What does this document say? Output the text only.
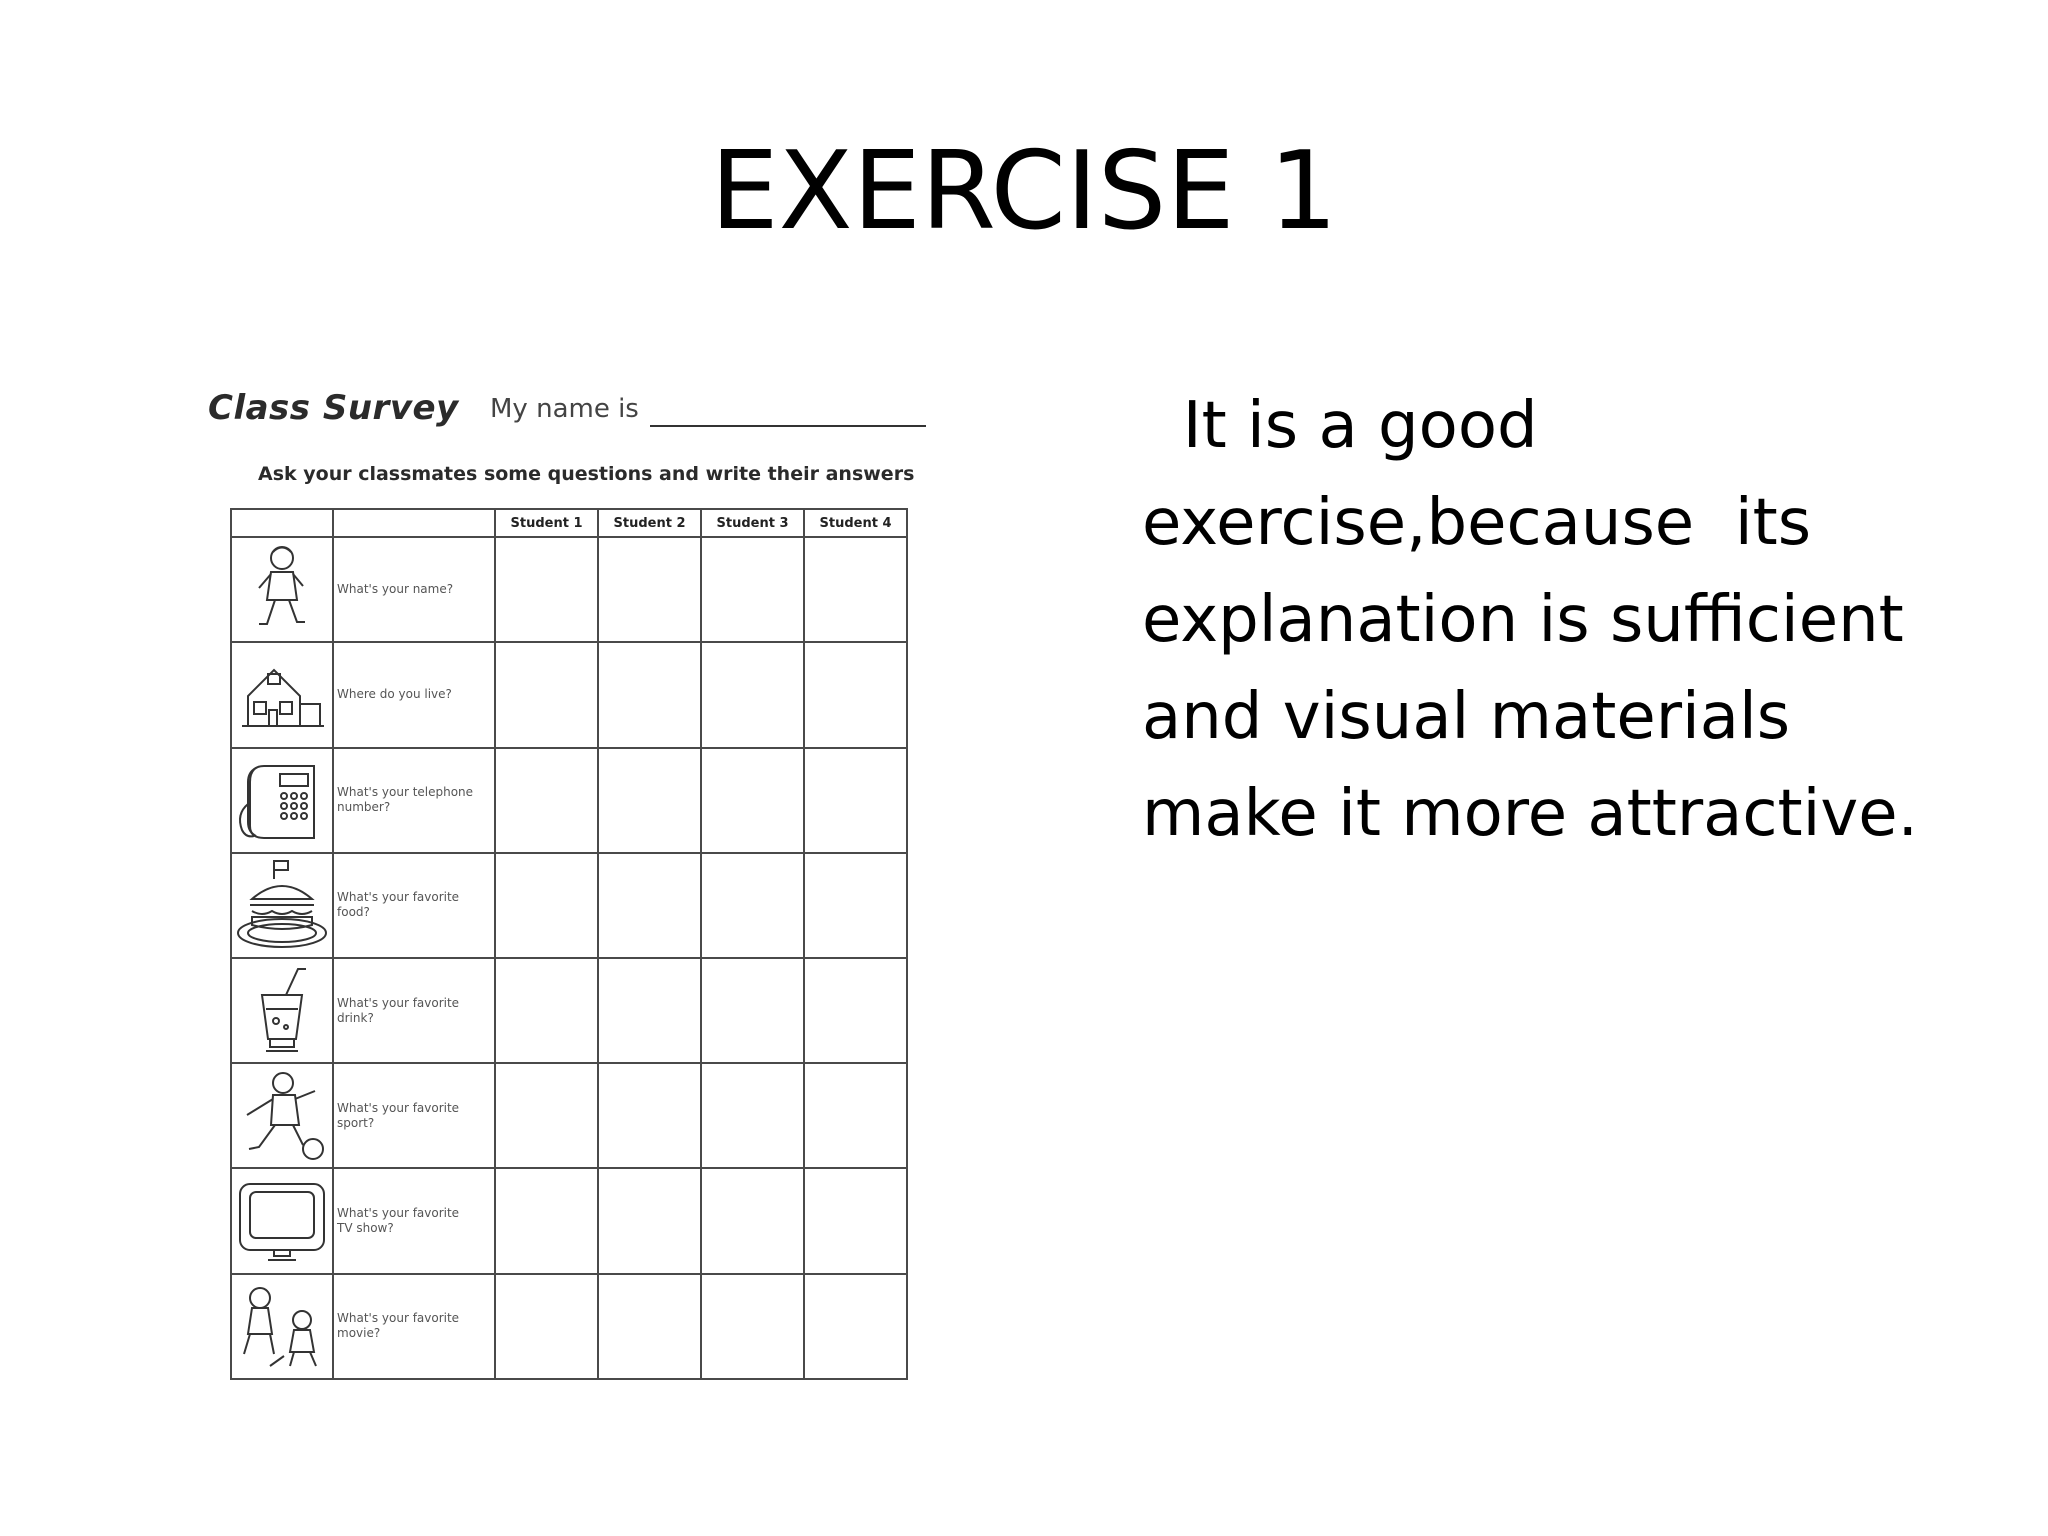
EXERCISE 1
Class Survey My name is
Ask your classmates some questions and write their answers
		Student 1	Student 2	Student 3	Student 4

	What's your name?

	Where do you live?

	What's your telephone
number?				

	What's your favorite
food?				

	What's your favorite
drink?				

	What's your favorite
sport?				

	What's your favorite
TV show?				

	What's your favorite
movie?				
It is a good
exercise,because  its
explanation is sufficient
and visual materials
make it more attractive.
